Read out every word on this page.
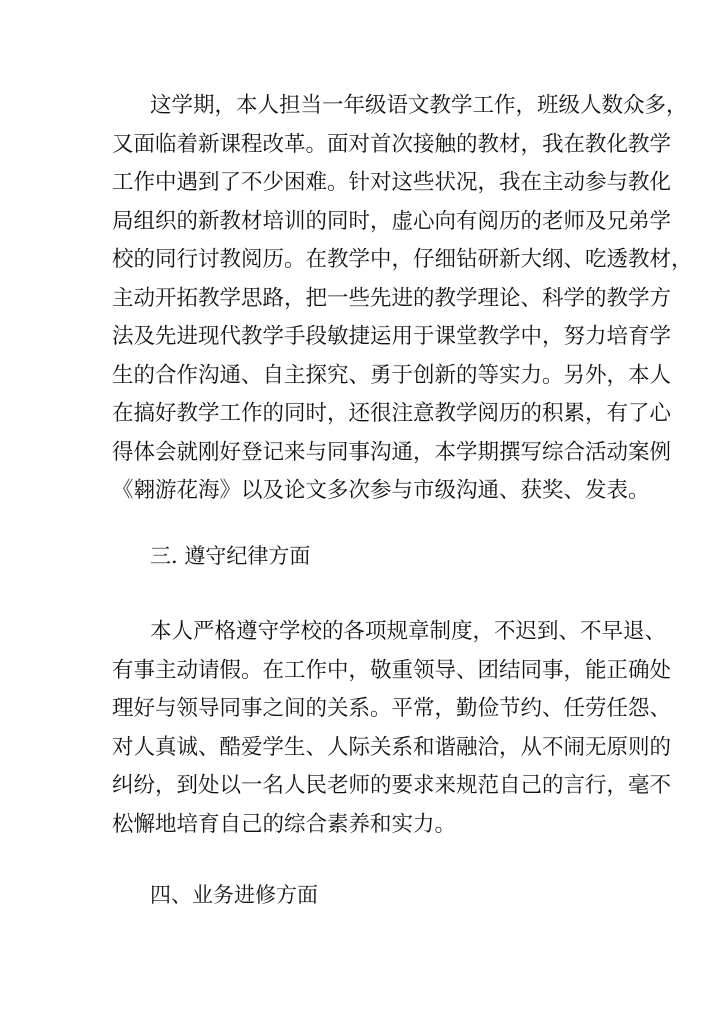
这学期，本人担当一年级语文教学工作，班级人数众多，
又面临着新课程改革。面对首次接触的教材，我在教化教学
工作中遇到了不少困难。针对这些状况，我在主动参与教化
局组织的新教材培训的同时，虚心向有阅历的老师及兄弟学
校的同行讨教阅历。在教学中，仔细钻研新大纲、吃透教材，
主动开拓教学思路，把一些先进的教学理论、科学的教学方
法及先进现代教学手段敏捷运用于课堂教学中，努力培育学
生的合作沟通、自主探究、勇于创新的等实力。另外，本人
在搞好教学工作的同时，还很注意教学阅历的积累，有了心
得体会就刚好登记来与同事沟通，本学期撰写综合活动案例
《翱游花海》以及论文多次参与市级沟通、获奖、发表。
三. 遵守纪律方面
本人严格遵守学校的各项规章制度，不迟到、不早退、
有事主动请假。在工作中，敬重领导、团结同事，能正确处
理好与领导同事之间的关系。平常，勤俭节约、任劳任怨、
对人真诚、酷爱学生、人际关系和谐融洽，从不闹无原则的
纠纷，到处以一名人民老师的要求来规范自己的言行，毫不
松懈地培育自己的综合素养和实力。
四、业务进修方面
